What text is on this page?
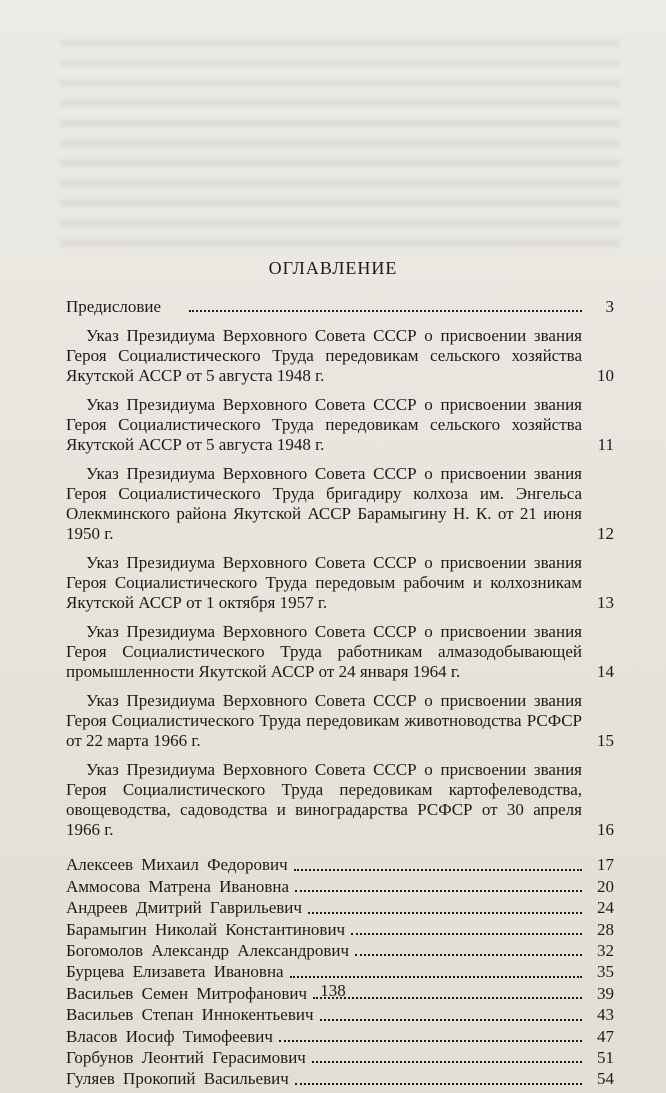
ОГЛАВЛЕНИЕ
Предисловие	3
Указ Президиума Верховного Совета СССР о присвоении звания Героя Социалистического Труда передовикам сельского хозяйства Якутской АССР от 5 августа 1948 г.	10
Указ Президиума Верховного Совета СССР о присвоении звания Героя Социалистического Труда передовикам сельского хозяйства Якутской АССР от 5 августа 1948 г.	11
Указ Президиума Верховного Совета СССР о присвоении звания Героя Социалистического Труда бригадиру колхоза им. Энгельса Олекминского района Якутской АССР Барамыгину Н. К. от 21 июня 1950 г.	12
Указ Президиума Верховного Совета СССР о присвоении звания Героя Социалистического Труда передовым рабочим и колхозникам Якутской АССР от 1 октября 1957 г.	13
Указ Президиума Верховного Совета СССР о присвоении звания Героя Социалистического Труда работникам алмазодобывающей промышленности Якутской АССР от 24 января 1964 г.	14
Указ Президиума Верховного Совета СССР о присвоении звания Героя Социалистического Труда передовикам животноводства РСФСР от 22 марта 1966 г.	15
Указ Президиума Верховного Совета СССР о присвоении звания Героя Социалистического Труда передовикам картофелеводства, овощеводства, садоводства и виноградарства РСФСР от 30 апреля 1966 г.	16
Алексеев Михаил Федорович	17
Аммосова Матрена Ивановна	20
Андреев Дмитрий Гаврильевич	24
Барамыгин Николай Константинович	28
Богомолов Александр Александрович	32
Бурцева Елизавета Ивановна	35
Васильев Семен Митрофанович	39
Васильев Степан Иннокентьевич	43
Власов Иосиф Тимофеевич	47
Горбунов Леонтий Герасимович	51
Гуляев Прокопий Васильевич	54
138
